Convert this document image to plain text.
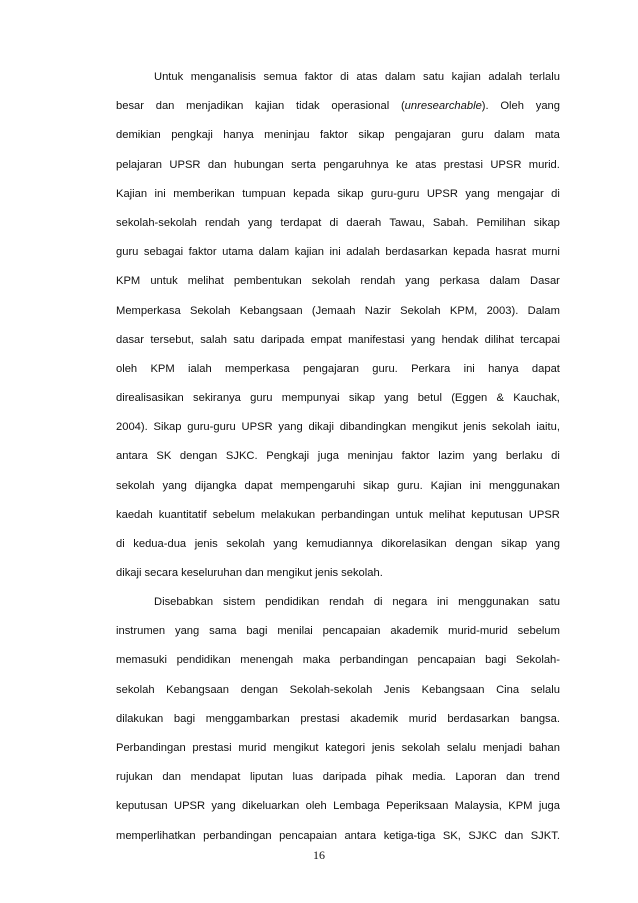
Untuk menganalisis semua faktor di atas dalam satu kajian adalah terlalu
besar dan menjadikan kajian tidak operasional (unresearchable). Oleh yang
demikian pengkaji hanya meninjau faktor sikap pengajaran guru dalam mata
pelajaran UPSR dan hubungan serta pengaruhnya ke atas prestasi UPSR murid.
Kajian ini memberikan tumpuan kepada sikap guru-guru UPSR yang mengajar di
sekolah-sekolah rendah yang terdapat di daerah Tawau, Sabah. Pemilihan sikap
guru sebagai faktor utama dalam kajian ini adalah berdasarkan kepada hasrat murni
KPM untuk melihat pembentukan sekolah rendah yang perkasa dalam Dasar
Memperkasa Sekolah Kebangsaan (Jemaah Nazir Sekolah KPM, 2003). Dalam
dasar tersebut, salah satu daripada empat manifestasi yang hendak dilihat tercapai
oleh KPM ialah memperkasa pengajaran guru. Perkara ini hanya dapat
direalisasikan sekiranya guru mempunyai sikap yang betul (Eggen & Kauchak,
2004). Sikap guru-guru UPSR yang dikaji dibandingkan mengikut jenis sekolah iaitu,
antara SK dengan SJKC. Pengkaji juga meninjau faktor lazim yang berlaku di
sekolah yang dijangka dapat mempengaruhi sikap guru. Kajian ini menggunakan
kaedah kuantitatif sebelum melakukan perbandingan untuk melihat keputusan UPSR
di kedua-dua jenis sekolah yang kemudiannya dikorelasikan dengan sikap yang
dikaji secara keseluruhan dan mengikut jenis sekolah.
Disebabkan sistem pendidikan rendah di negara ini menggunakan satu
instrumen yang sama bagi menilai pencapaian akademik murid-murid sebelum
memasuki pendidikan menengah maka perbandingan pencapaian bagi Sekolah-
sekolah Kebangsaan dengan Sekolah-sekolah Jenis Kebangsaan Cina selalu
dilakukan bagi menggambarkan prestasi akademik murid berdasarkan bangsa.
Perbandingan prestasi murid mengikut kategori jenis sekolah selalu menjadi bahan
rujukan dan mendapat liputan luas daripada pihak media. Laporan dan trend
keputusan UPSR yang dikeluarkan oleh Lembaga Peperiksaan Malaysia, KPM juga
memperlihatkan perbandingan pencapaian antara ketiga-tiga SK, SJKC dan SJKT.
16
